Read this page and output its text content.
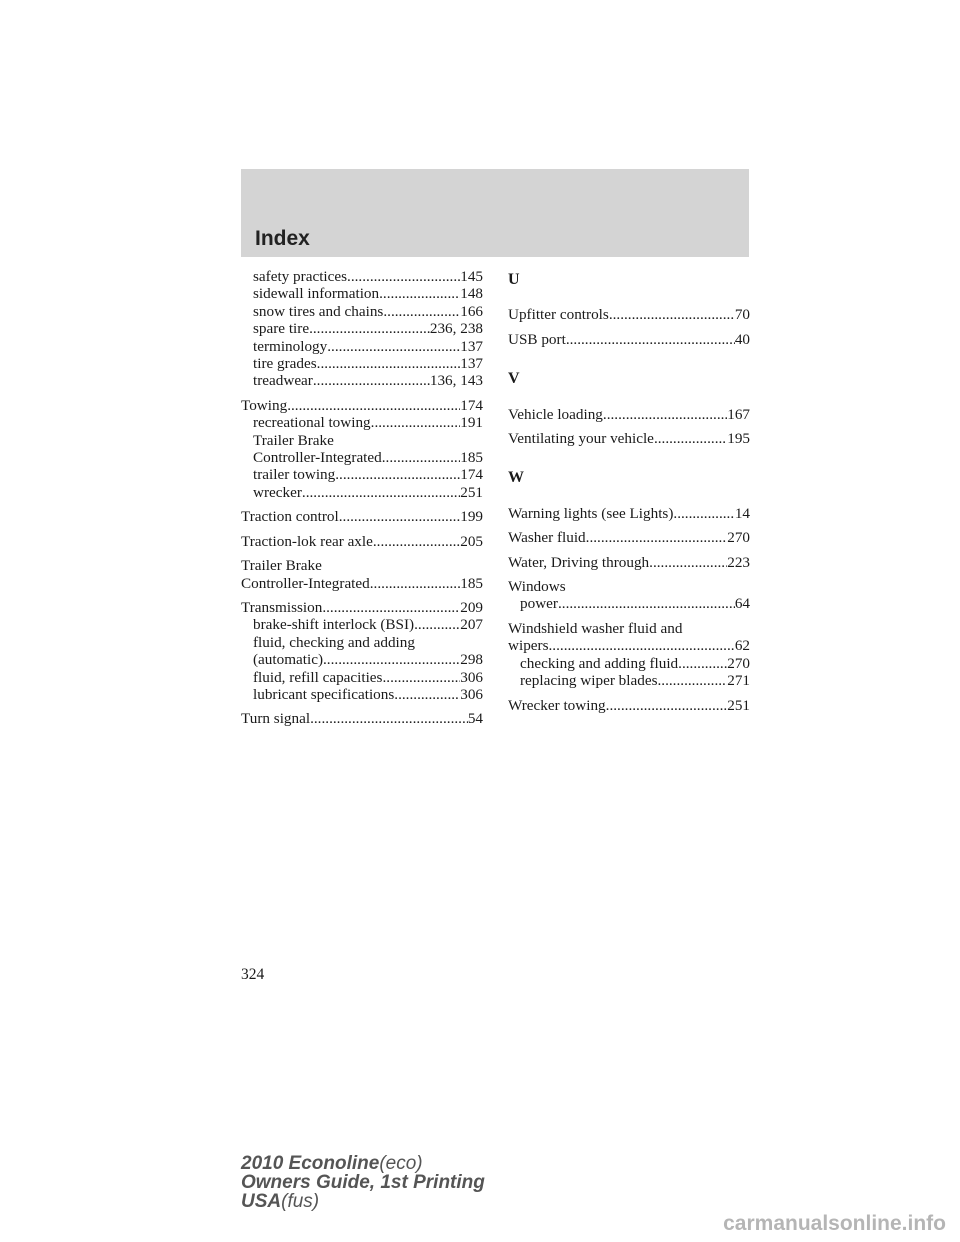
Index
safety practices .....	145
sidewall information .....	148
snow tires and chains .....	166
spare tire .....	236, 238
terminology .....	137
tire grades .....	137
treadwear .....	136, 143
Towing .....	174
recreational towing .....	191
Trailer Brake
Controller-Integrated .....	185
trailer towing .....	174
wrecker .....	251
Traction control .....	199
Traction-lok rear axle .....	205
Trailer Brake
Controller-Integrated .....	185
Transmission .....	209
brake-shift interlock (BSI) .....	207
fluid, checking and adding
(automatic) .....	298
fluid, refill capacities .....	306
lubricant specifications .....	306
Turn signal .....	54
U
Upfitter controls .....	70
USB port .....	40
V
Vehicle loading .....	167
Ventilating your vehicle .....	195
W
Warning lights (see Lights) .....	14
Washer fluid .....	270
Water, Driving through .....	223
Windows
power .....	64
Windshield washer fluid and
wipers .....	62
checking and adding fluid .....	270
replacing wiper blades .....	271
Wrecker towing .....	251
324
2010 Econoline(eco)
Owners Guide, 1st Printing
USA(fus)
carmanualsonline.info
